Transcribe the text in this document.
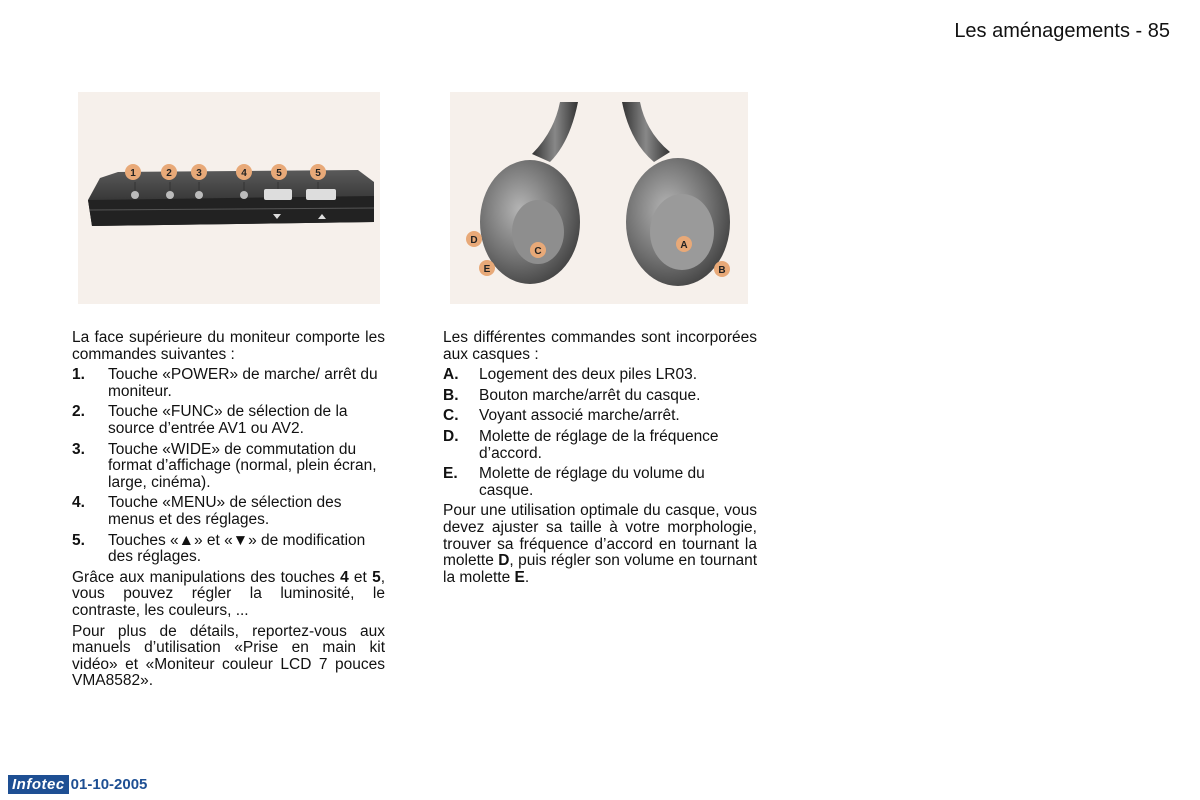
Les aménagements - 85
1	2 3	4	5	5
A
B
C
D
E

La face supérieure du moniteur comporte les commandes suivantes :

1.	Touche «POWER» de marche/ arrêt du moniteur.
2.	Touche «FUNC» de sélection de la source d’entrée AV1 ou AV2.
3.	Touche «WIDE» de commutation du format d’affichage (normal, plein écran, large, cinéma).
4.	Touche «MENU» de sélection des menus et des réglages.
5.	Touches «▲» et «▼» de modification des réglages.

Grâce aux manipulations des touches 4 et 5, vous pouvez régler la luminosité, le contraste, les couleurs, ...

Pour plus de détails, reportez-vous aux manuels d’utilisation «Prise en main kit vidéo» et «Moniteur couleur LCD 7 pouces VMA8582».

Les différentes commandes sont incorporées aux casques :

A.	Logement des deux piles LR03.
B.	Bouton marche/arrêt du casque.
C.	Voyant associé marche/arrêt.
D.	Molette de réglage de la fréquence d’accord.
E.	Molette de réglage du volume du casque.

Pour une utilisation optimale du casque, vous devez ajuster sa taille à votre morphologie, trouver sa fréquence d’accord en tournant la molette D, puis régler son volume en tournant la molette E.

Infotec 01-10-2005
